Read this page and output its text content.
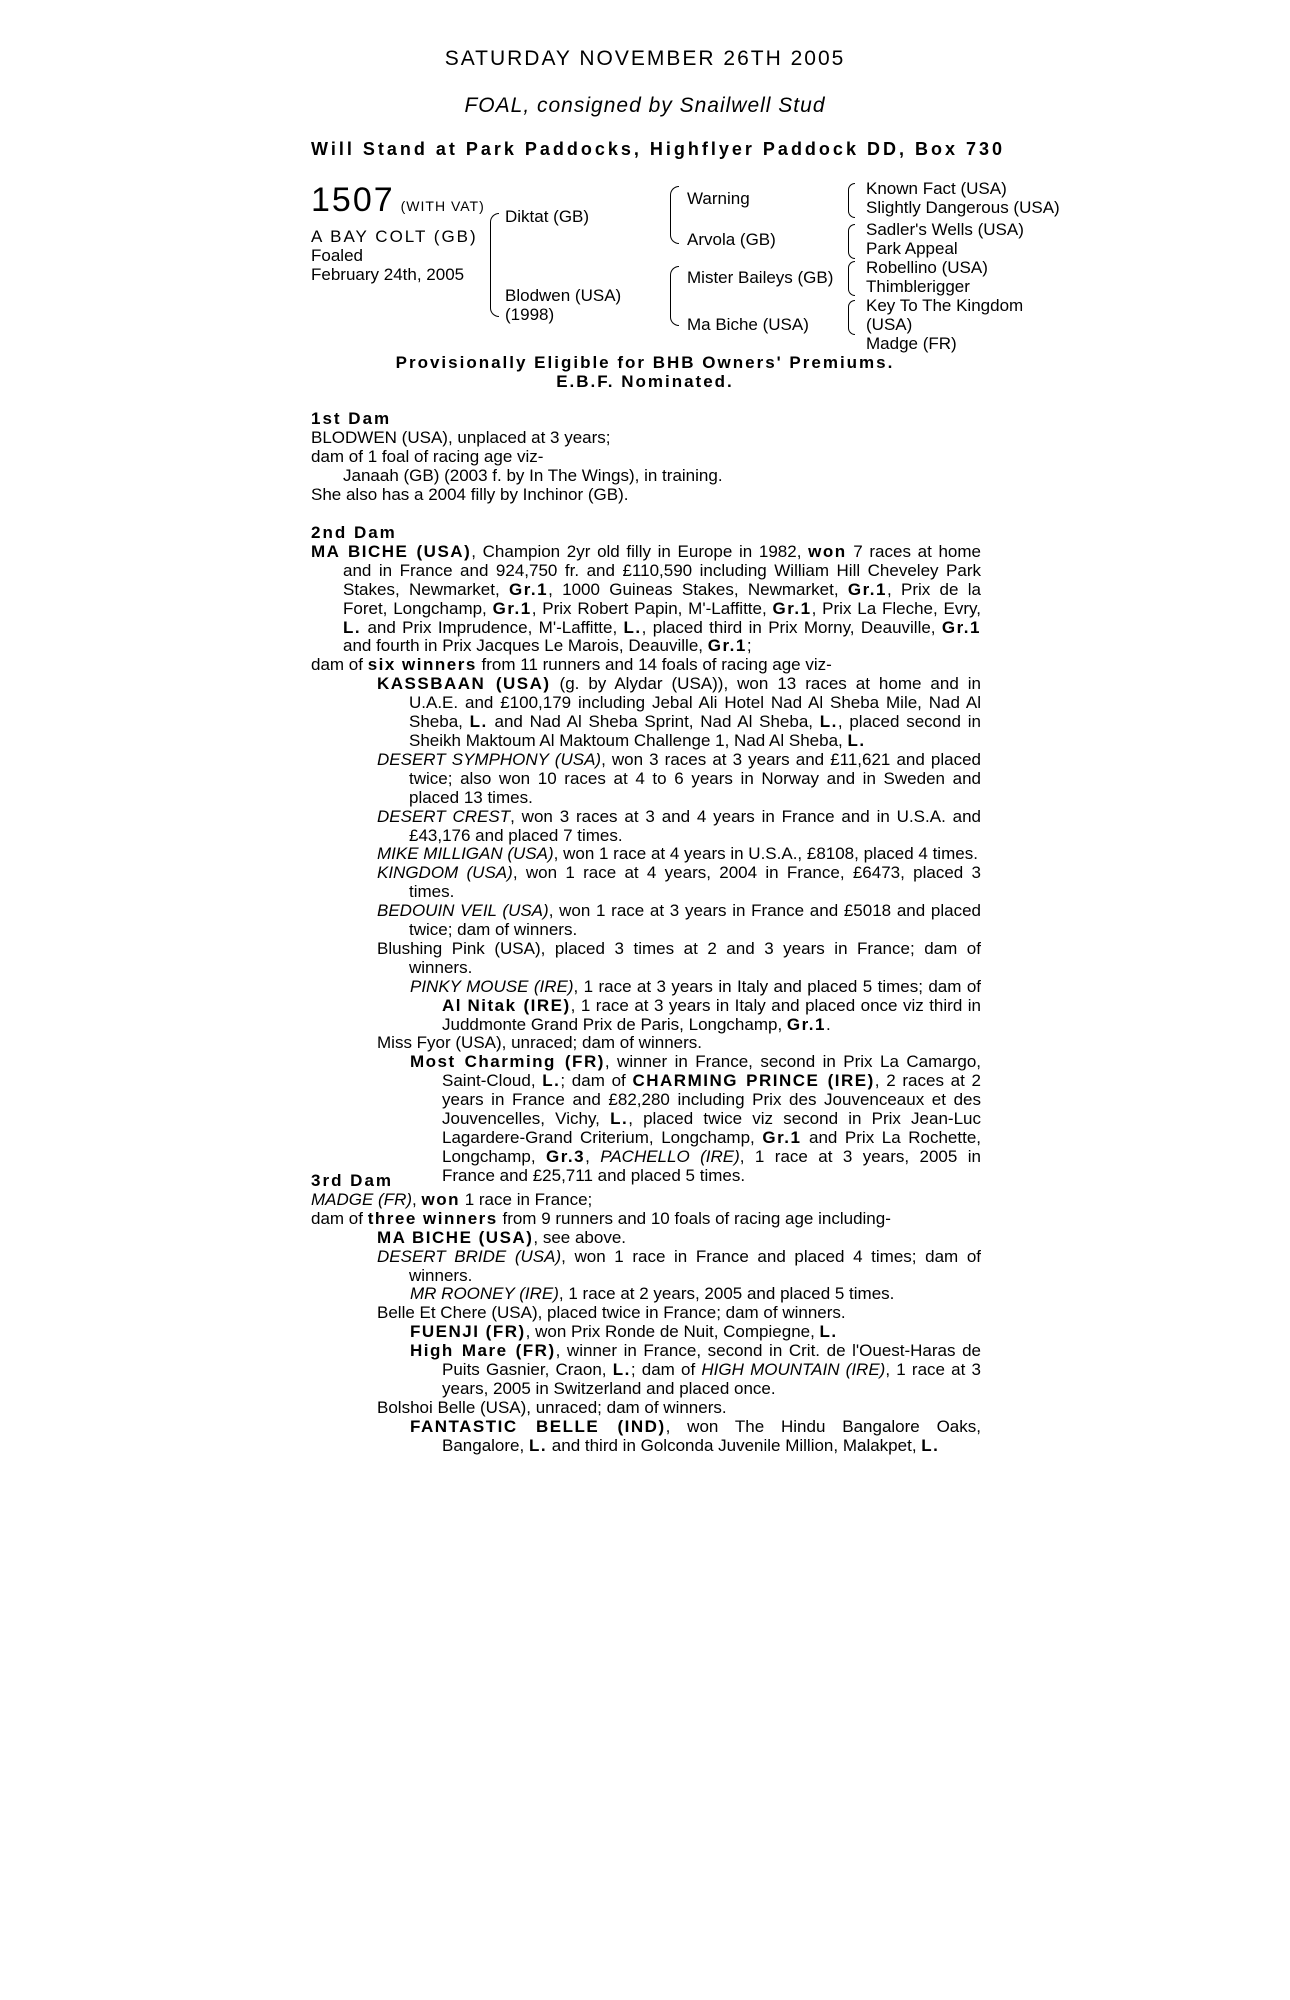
SATURDAY NOVEMBER 26TH 2005
FOAL, consigned by Snailwell Stud
Will Stand at Park Paddocks, Highflyer Paddock DD, Box 730
1507 (WITH VAT)
A BAY COLT (GB)
Foaled
February 24th, 2005
Diktat (GB)
Blodwen (USA)
(1998)
Warning
Arvola (GB)
Mister Baileys (GB)
Ma Biche (USA)
Known Fact (USA)
Slightly Dangerous (USA)
Sadler's Wells (USA)
Park Appeal
Robellino (USA)
Thimblerigger
Key To The Kingdom
(USA)
Madge (FR)
Provisionally Eligible for BHB Owners' Premiums.
E.B.F. Nominated.

1st Dam

BLODWEN (USA), unplaced at 3 years;

dam of 1 foal of racing age viz-

Janaah (GB) (2003 f. by In The Wings), in training.

She also has a 2004 filly by Inchinor (GB).

2nd Dam

MA BICHE (USA), Champion 2yr old filly in Europe in 1982, won 7 races at home and in France and 924,750 fr. and £110,590 including William Hill Cheveley Park Stakes, Newmarket, Gr.1, 1000 Guineas Stakes, Newmarket, Gr.1, Prix de la Foret, Longchamp, Gr.1, Prix Robert Papin, M'-Laffitte, Gr.1, Prix La Fleche, Evry, L. and Prix Imprudence, M'-Laffitte, L., placed third in Prix Morny, Deauville, Gr.1 and fourth in Prix Jacques Le Marois, Deauville, Gr.1;

dam of six winners from 11 runners and 14 foals of racing age viz-

KASSBAAN (USA) (g. by Alydar (USA)), won 13 races at home and in U.A.E. and £100,179 including Jebal Ali Hotel Nad Al Sheba Mile, Nad Al Sheba, L. and Nad Al Sheba Sprint, Nad Al Sheba, L., placed second in Sheikh Maktoum Al Maktoum Challenge 1, Nad Al Sheba, L.

DESERT SYMPHONY (USA), won 3 races at 3 years and £11,621 and placed twice; also won 10 races at 4 to 6 years in Norway and in Sweden and placed 13 times.

DESERT CREST, won 3 races at 3 and 4 years in France and in U.S.A. and £43,176 and placed 7 times.

MIKE MILLIGAN (USA), won 1 race at 4 years in U.S.A., £8108, placed 4 times.

KINGDOM (USA), won 1 race at 4 years, 2004 in France, £6473, placed 3 times.

BEDOUIN VEIL (USA), won 1 race at 3 years in France and £5018 and placed twice; dam of winners.

Blushing Pink (USA), placed 3 times at 2 and 3 years in France; dam of winners.

PINKY MOUSE (IRE), 1 race at 3 years in Italy and placed 5 times; dam of Al Nitak (IRE), 1 race at 3 years in Italy and placed once viz third in Juddmonte Grand Prix de Paris, Longchamp, Gr.1.

Miss Fyor (USA), unraced; dam of winners.

Most Charming (FR), winner in France, second in Prix La Camargo, Saint-Cloud, L.; dam of CHARMING PRINCE (IRE), 2 races at 2 years in France and £82,280 including Prix des Jouvenceaux et des Jouvencelles, Vichy, L., placed twice viz second in Prix Jean-Luc Lagardere-Grand Criterium, Longchamp, Gr.1 and Prix La Rochette, Longchamp, Gr.3, PACHELLO (IRE), 1 race at 3 years, 2005 in France and £25,711 and placed 5 times.

3rd Dam

MADGE (FR), won 1 race in France;

dam of three winners from 9 runners and 10 foals of racing age including-

MA BICHE (USA), see above.

DESERT BRIDE (USA), won 1 race in France and placed 4 times; dam of winners.

MR ROONEY (IRE), 1 race at 2 years, 2005 and placed 5 times.

Belle Et Chere (USA), placed twice in France; dam of winners.

FUENJI (FR), won Prix Ronde de Nuit, Compiegne, L.

High Mare (FR), winner in France, second in Crit. de l'Ouest-Haras de Puits Gasnier, Craon, L.; dam of HIGH MOUNTAIN (IRE), 1 race at 3 years, 2005 in Switzerland and placed once.

Bolshoi Belle (USA), unraced; dam of winners.

FANTASTIC BELLE (IND), won The Hindu Bangalore Oaks, Bangalore, L. and third in Golconda Juvenile Million, Malakpet, L.
